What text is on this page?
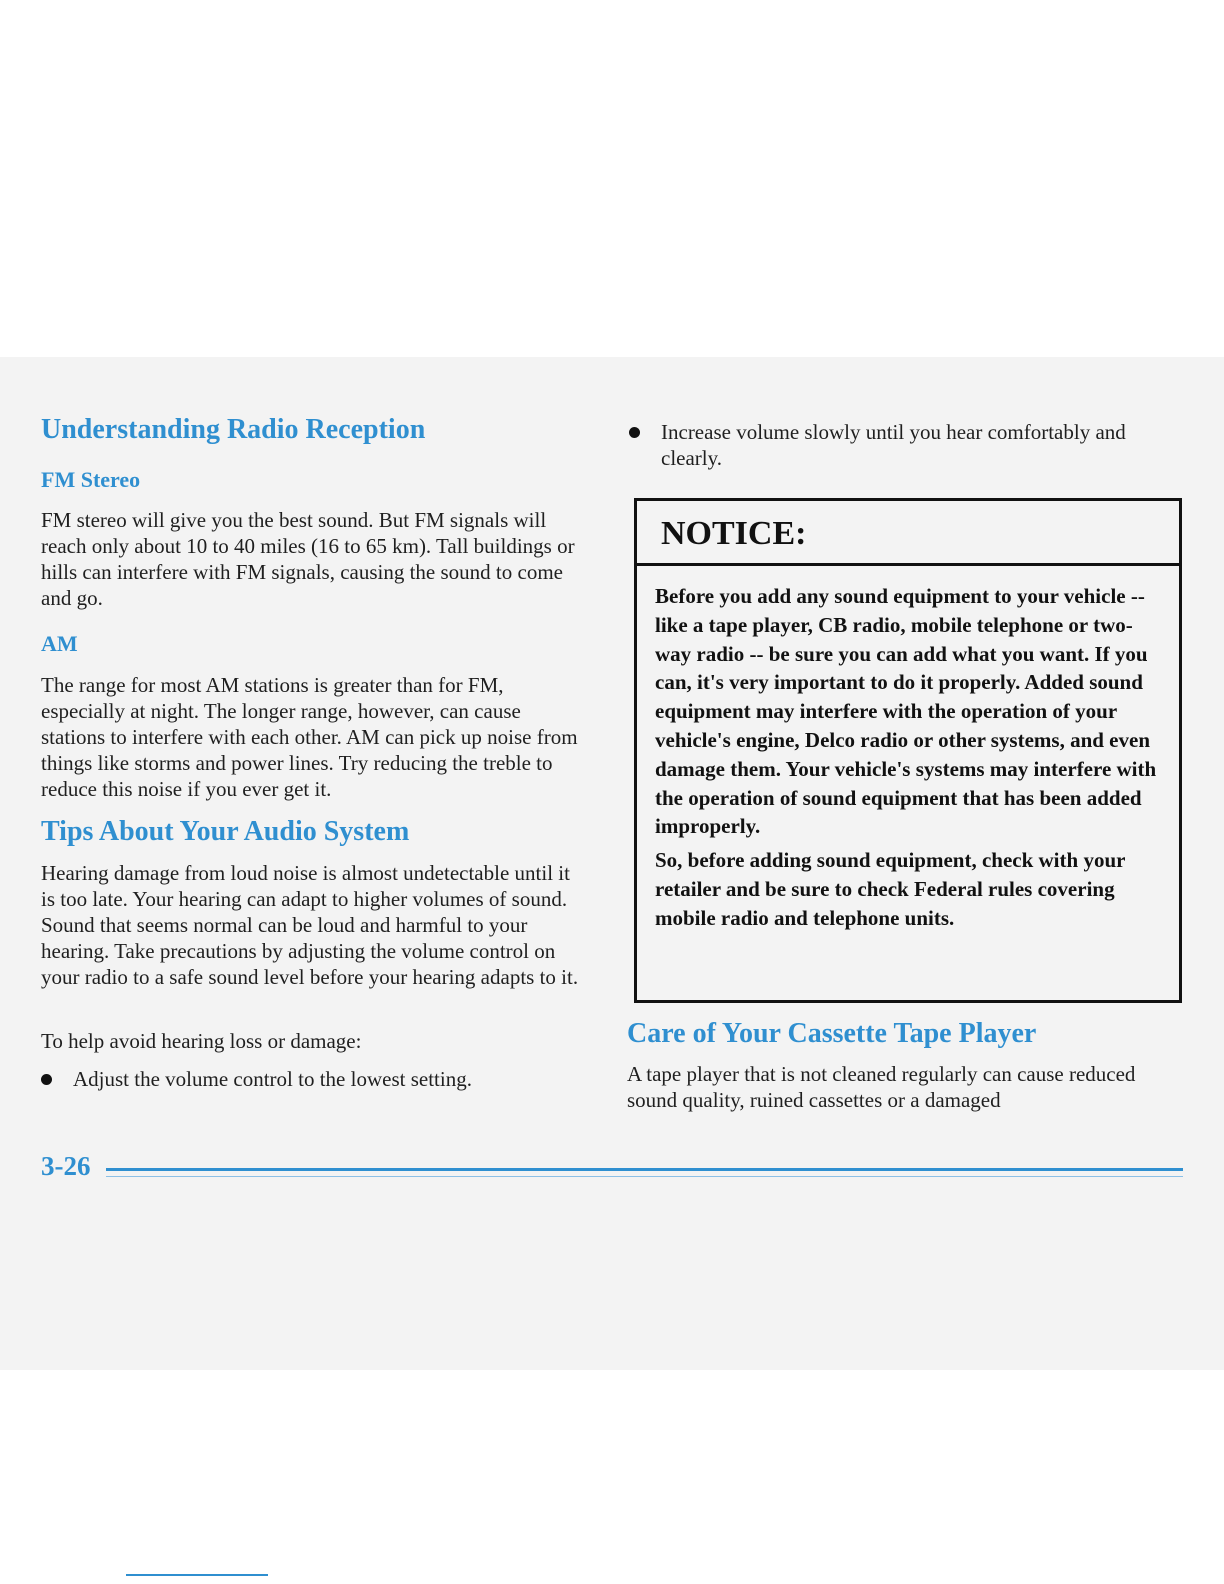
Understanding Radio Reception
FM Stereo

FM stereo will give you the best sound. But FM signals will reach only about 10 to 40 miles (16 to 65 km). Tall buildings or hills can interfere with FM signals, causing the sound to come and go.

AM

The range for most AM stations is greater than for FM, especially at night. The longer range, however, can cause stations to interfere with each other. AM can pick up noise from things like storms and power lines. Try reducing the treble to reduce this noise if you ever get it.

Tips About Your Audio System

Hearing damage from loud noise is almost undetectable until it is too late. Your hearing can adapt to higher volumes of sound. Sound that seems normal can be loud and harmful to your hearing. Take precautions by adjusting the volume control on your radio to a safe sound level before your hearing adapts to it.

To help avoid hearing loss or damage:

Adjust the volume control to the lowest setting.
Increase volume slowly until you hear comfortably and clearly.
NOTICE:

Before you add any sound equipment to your vehicle -- like a tape player, CB radio, mobile telephone or two-way radio -- be sure you can add what you want. If you can, it's very important to do it properly. Added sound equipment may interfere with the operation of your vehicle's engine, Delco radio or other systems, and even damage them. Your vehicle's systems may interfere with the operation of sound equipment that has been added improperly.

So, before adding sound equipment, check with your retailer and be sure to check Federal rules covering mobile radio and telephone units.

Care of Your Cassette Tape Player

A tape player that is not cleaned regularly can cause reduced sound quality, ruined cassettes or a damaged

3-26
